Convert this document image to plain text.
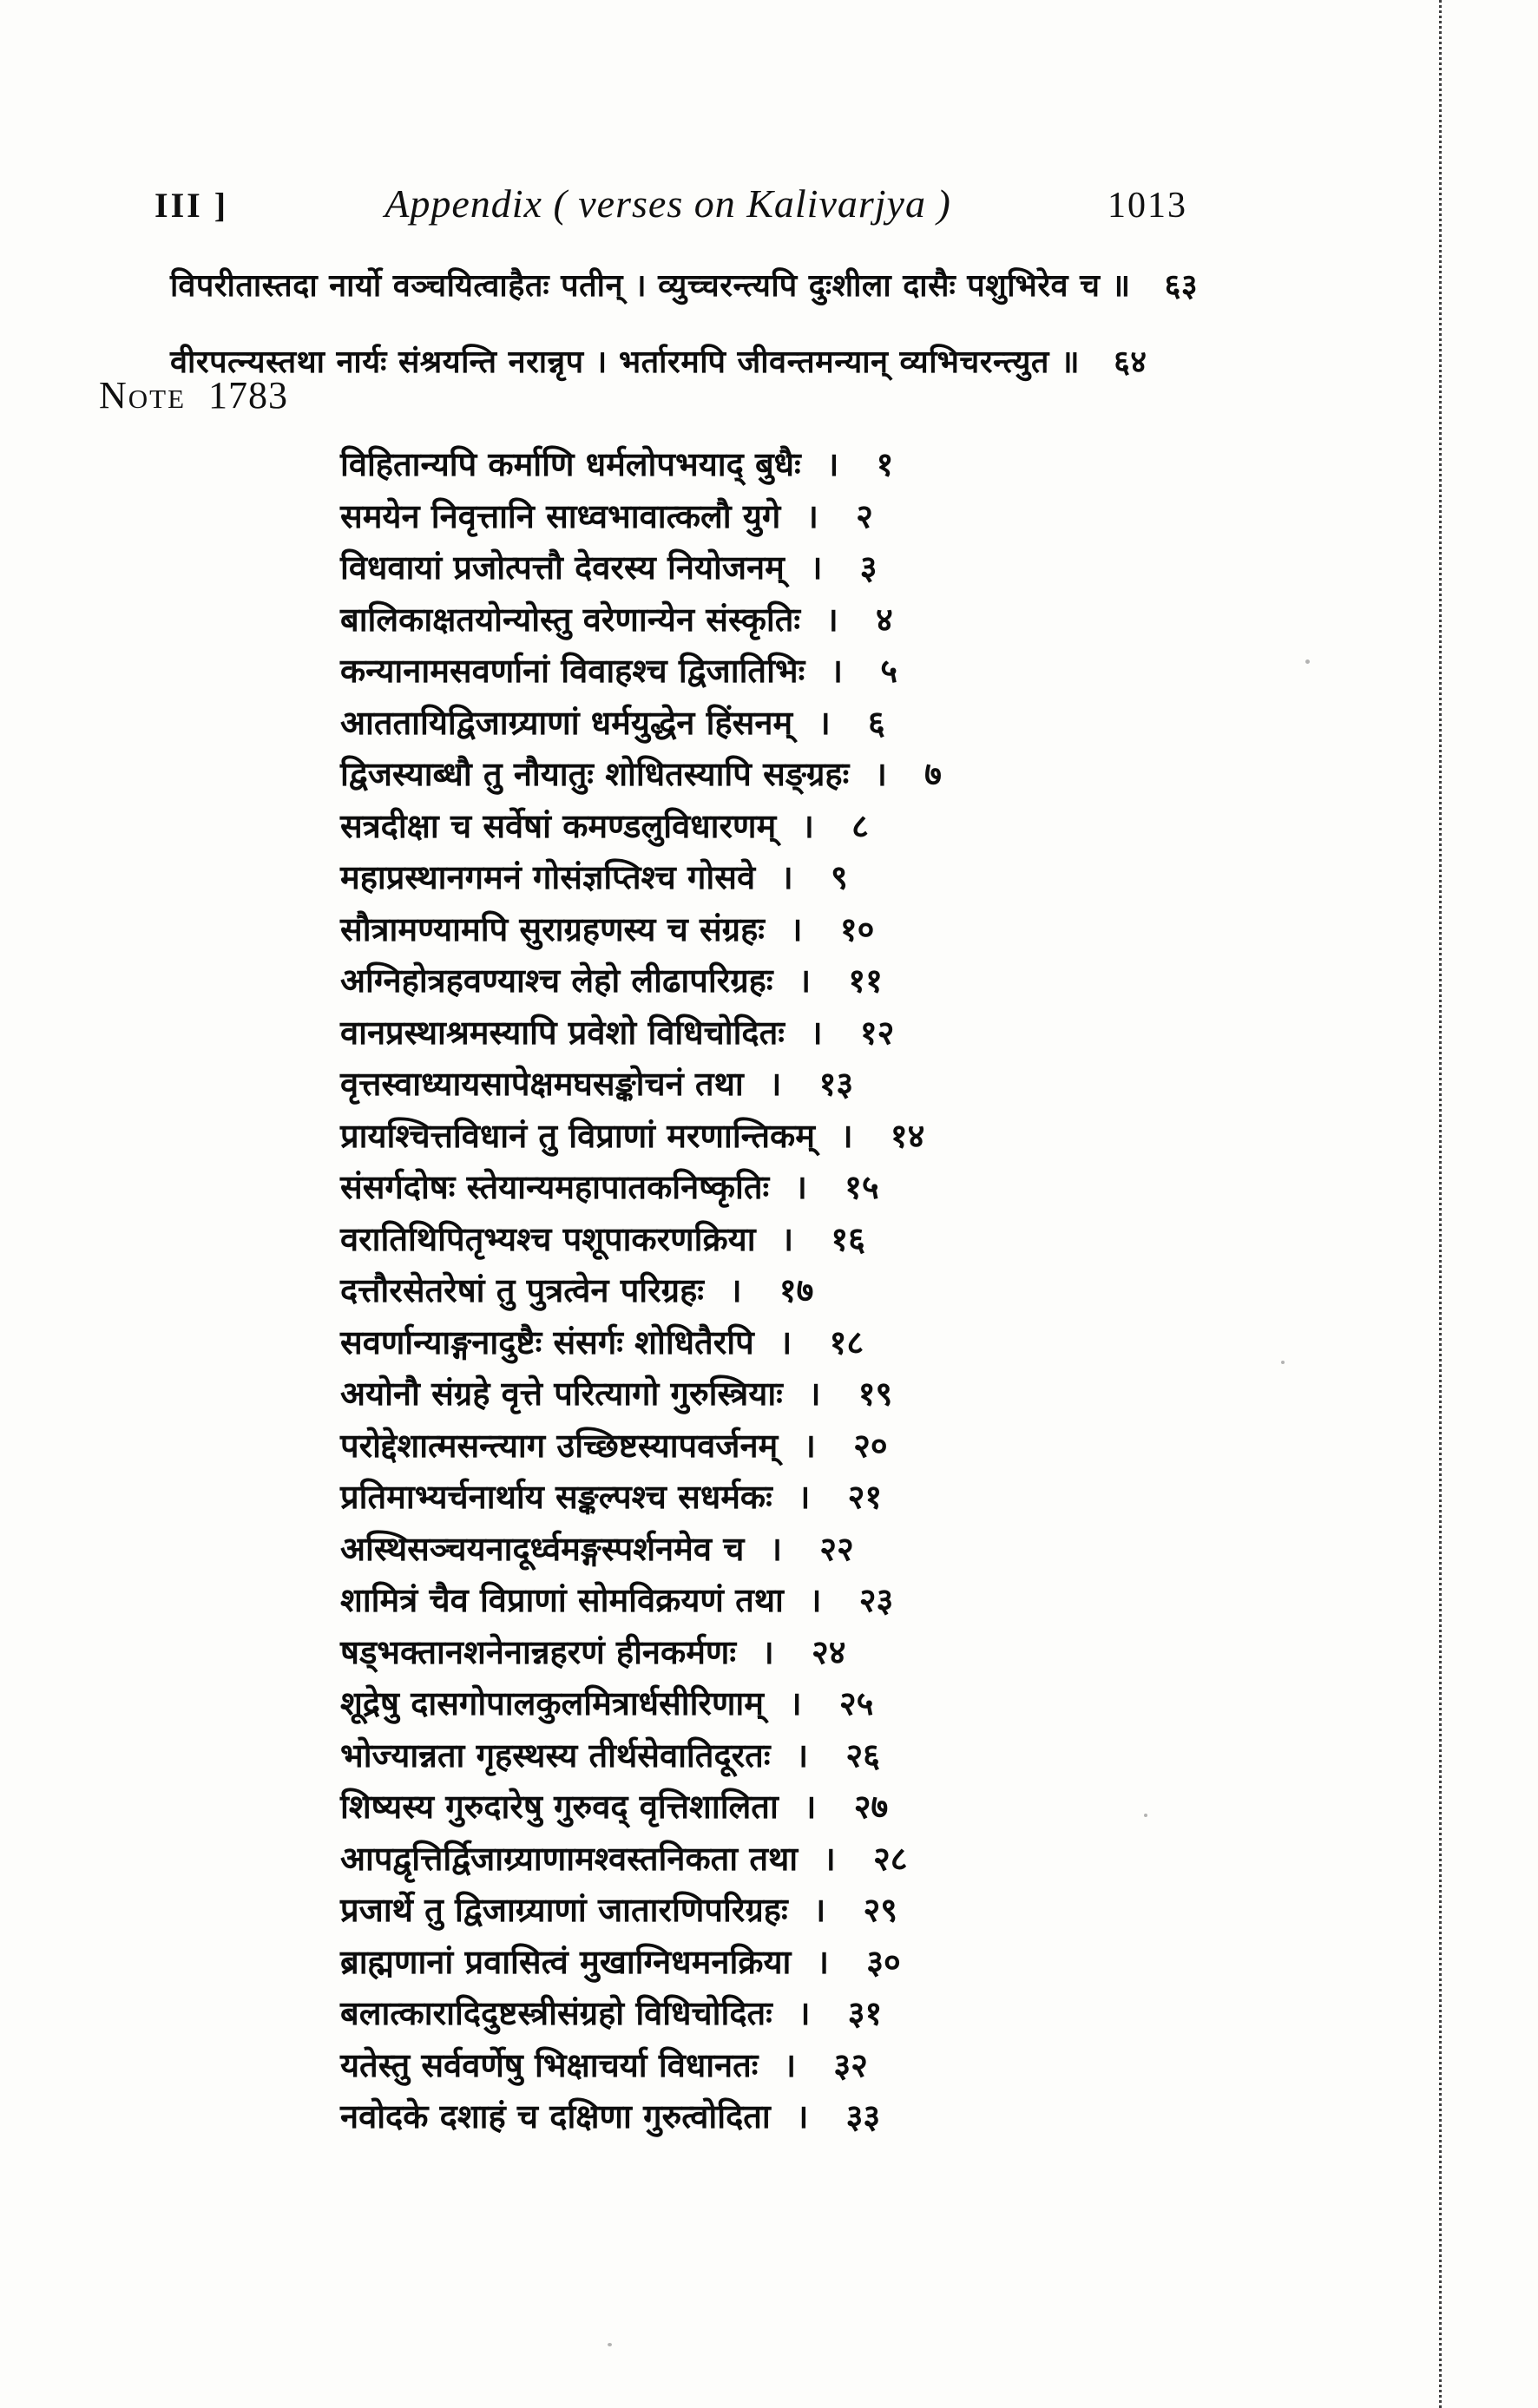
III ]	Appendix ( verses on Kalivarjya )	1013
विपरीतास्तदा नार्यो वञ्चयित्वाहैतः पतीन् । व्युच्चरन्त्यपि दुःशीला दासैः पशुभिरेव च ॥ ६३
वीरपत्न्यस्तथा नार्यः संश्रयन्ति नरान्नृप । भर्तारमपि जीवन्तमन्यान् व्यभिचरन्त्युत ॥ ६४
Note 1783
विहितान्यपि कर्माणि धर्मलोपभयाद् बुधैः । १
समयेन निवृत्तानि साध्वभावात्कलौ युगे । २
विधवायां प्रजोत्पत्तौ देवरस्य नियोजनम् । ३
बालिकाक्षतयोन्योस्तु वरेणान्येन संस्कृतिः । ४
कन्यानामसवर्णानां विवाहश्च द्विजातिभिः । ५
आततायिद्विजाग्र्याणां धर्मयुद्धेन हिंसनम् । ६
द्विजस्याब्धौ तु नौयातुः शोधितस्यापि सङ्ग्रहः । ७
सत्रदीक्षा च सर्वेषां कमण्डलुविधारणम् । ८
महाप्रस्थानगमनं गोसंज्ञप्तिश्च गोसवे । ९
सौत्रामण्यामपि सुराग्रहणस्य च संग्रहः । १०
अग्निहोत्रहवण्याश्च लेहो लीढापरिग्रहः । ११
वानप्रस्थाश्रमस्यापि प्रवेशो विधिचोदितः । १२
वृत्तस्वाध्यायसापेक्षमघसङ्कोचनं तथा । १३
प्रायश्चित्तविधानं तु विप्राणां मरणान्तिकम् । १४
संसर्गदोषः स्तेयान्यमहापातकनिष्कृतिः । १५
वरातिथिपितृभ्यश्च पशूपाकरणक्रिया । १६
दत्तौरसेतरेषां तु पुत्रत्वेन परिग्रहः । १७
सवर्णान्याङ्गनादुष्टैः संसर्गः शोधितैरपि । १८
अयोनौ संग्रहे वृत्ते परित्यागो गुरुस्त्रियाः । १९
परोद्देशात्मसन्त्याग उच्छिष्टस्यापवर्जनम् । २०
प्रतिमाभ्यर्चनार्थाय सङ्कल्पश्च सधर्मकः । २१
अस्थिसञ्चयनादूर्ध्वमङ्गस्पर्शनमेव च । २२
शामित्रं चैव विप्राणां सोमविक्रयणं तथा । २३
षड्भक्तानशनेनान्नहरणं हीनकर्मणः । २४
शूद्रेषु दासगोपालकुलमित्रार्धसीरिणाम् । २५
भोज्यान्नता गृहस्थस्य तीर्थसेवातिदूरतः । २६
शिष्यस्य गुरुदारेषु गुरुवद् वृत्तिशालिता । २७
आपद्वृत्तिर्द्विजाग्र्याणामश्वस्तनिकता तथा । २८
प्रजार्थे तु द्विजाग्र्याणां जातारणिपरिग्रहः । २९
ब्राह्मणानां प्रवासित्वं मुखाग्निधमनक्रिया । ३०
बलात्कारादिदुष्टस्त्रीसंग्रहो विधिचोदितः । ३१
यतेस्तु सर्ववर्णेषु भिक्षाचर्या विधानतः । ३२
नवोदके दशाहं च दक्षिणा गुरुत्वोदिता । ३३
